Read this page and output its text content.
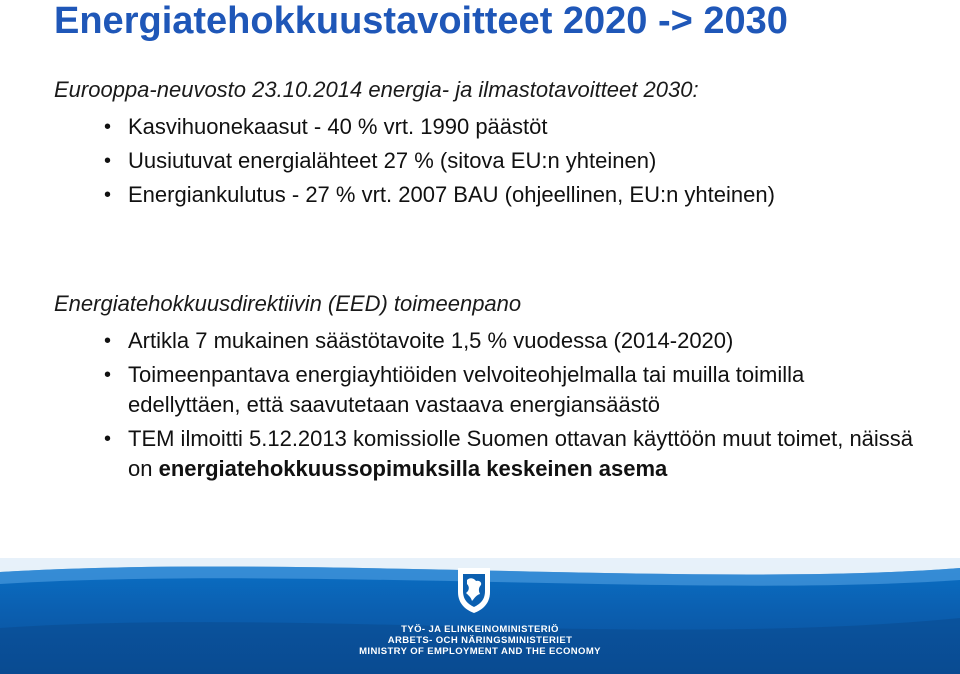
Energiatehokkuustavoitteet 2020 -> 2030
Eurooppa-neuvosto 23.10.2014 energia- ja ilmastotavoitteet 2030:
• Kasvihuonekaasut - 40 % vrt. 1990 päästöt
• Uusiutuvat energialähteet 27 % (sitova EU:n yhteinen)
• Energiankulutus - 27 % vrt. 2007 BAU (ohjeellinen, EU:n yhteinen)
Energiatehokkuusdirektiivin (EED) toimeenpano
• Artikla 7 mukainen säästötavoite 1,5 % vuodessa (2014-2020)
• Toimeenpantava energiayhtiöiden velvoiteohjelmalla tai muilla toimilla edellyttäen, että saavutetaan vastaava energiansäästö
• TEM ilmoitti 5.12.2013 komissiolle Suomen ottavan käyttöön muut toimet, näissä on energiatehokkuussopimuksilla keskeinen asema
TYÖ- JA ELINKEINOMINISTERIÖ
ARBETS- OCH NÄRINGSMINISTERIET
MINISTRY OF EMPLOYMENT AND THE ECONOMY
